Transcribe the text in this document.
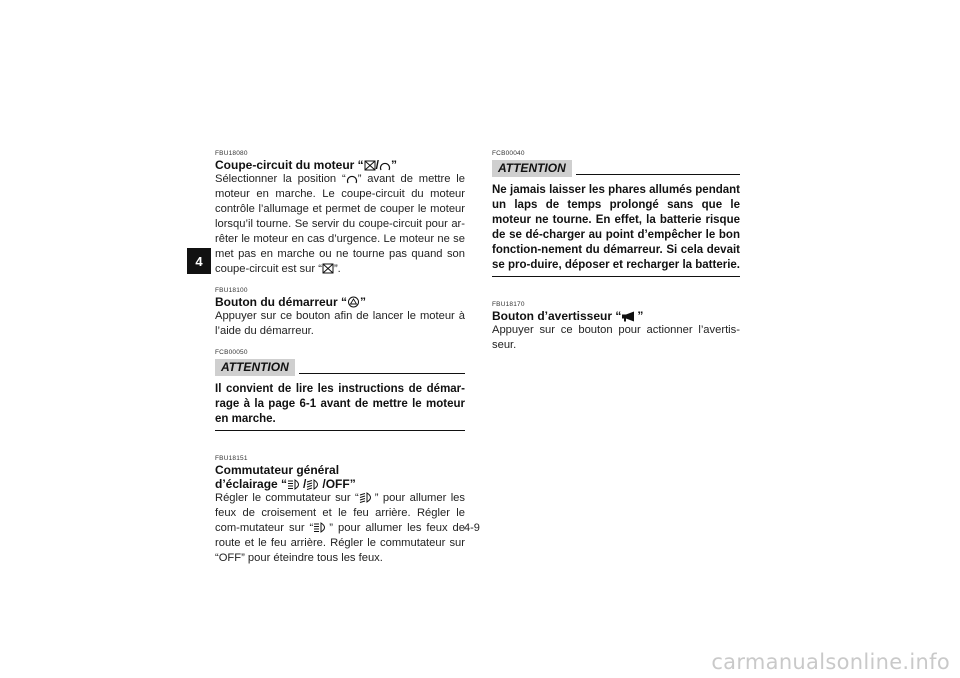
4
FBU18080
Coupe-circuit du moteur “ / ”
Sélectionner la position “ ” avant de mettre le moteur en marche. Le coupe-circuit du moteur contrôle l’allumage et permet de couper le moteur lorsqu’il tourne. Se servir du coupe-circuit pour ar-rêter le moteur en cas d’urgence. Le moteur ne se met pas en marche ou ne tourne pas quand son coupe-circuit est sur “ ”.
FBU18100
Bouton du démarreur “ ”
Appuyer sur ce bouton afin de lancer le moteur à l’aide du démarreur.
FCB00050
ATTENTION
Il convient de lire les instructions de démar-rage à la page 6-1 avant de mettre le moteur en marche.
FBU18151
Commutateur général
d’éclairage “ / /OFF”
Régler le commutateur sur “ ” pour allumer les feux de croisement et le feu arrière. Régler le com-mutateur sur “ ” pour allumer les feux de route et le feu arrière. Régler le commutateur sur “OFF” pour éteindre tous les feux.
FCB00040
ATTENTION
Ne jamais laisser les phares allumés pendant un laps de temps prolongé sans que le moteur ne tourne. En effet, la batterie risque de se dé-charger au point d’empêcher le bon fonction-nement du démarreur. Si cela devait se pro-duire, déposer et recharger la batterie.
FBU18170
Bouton d’avertisseur “ ”
Appuyer sur ce bouton pour actionner l’avertis-seur.
4-9
carmanualsonline.info
